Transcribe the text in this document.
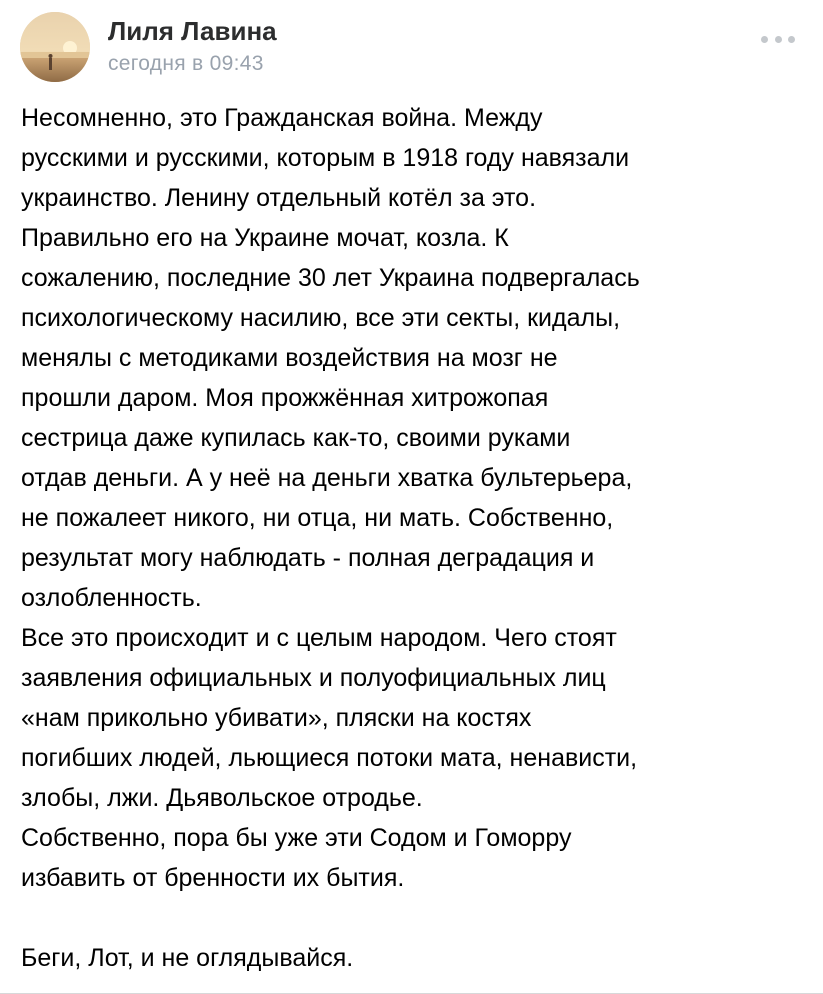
Лиля Лавина
сегодня в 09:43
Несомненно, это Гражданская война. Между
русскими и русскими, которым в 1918 году навязали
украинство. Ленину отдельный котёл за это.
Правильно его на Украине мочат, козла. К
сожалению, последние 30 лет Украина подвергалась
психологическому насилию, все эти секты, кидалы,
менялы с методиками воздействия на мозг не
прошли даром. Моя прожжённая хитрожопая
сестрица даже купилась как-то, своими руками
отдав деньги. А у неё на деньги хватка бультерьера,
не пожалеет никого, ни отца, ни мать. Собственно,
результат могу наблюдать - полная деградация и
озлобленность.
Все это происходит и с целым народом. Чего стоят
заявления официальных и полуофициальных лиц
«нам прикольно убивати», пляски на костях
погибших людей, льющиеся потоки мата, ненависти,
злобы, лжи. Дьявольское отродье.
Собственно, пора бы уже эти Содом и Гоморру
избавить от бренности их бытия.
Беги, Лот, и не оглядывайся.
